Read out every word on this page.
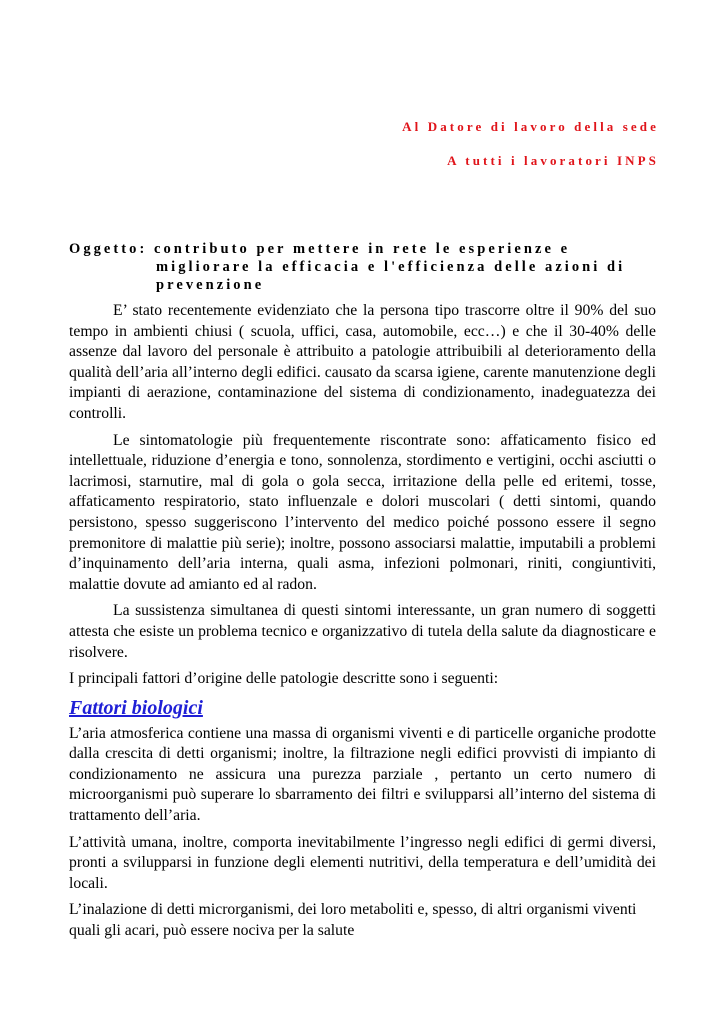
Al Datore di lavoro della sede
A tutti i lavoratori INPS
Oggetto: contributo per mettere in rete le esperienze e
migliorare la efficacia e l'efficienza delle azioni di
prevenzione

E’ stato recentemente evidenziato che la persona tipo trascorre oltre il 90% del suo tempo in ambienti chiusi ( scuola, uffici, casa, automobile, ecc…) e che il 30-40% delle assenze dal lavoro del personale è attribuito a patologie attribuibili al deterioramento della qualità dell’aria all’interno degli edifici. causato da scarsa igiene, carente manutenzione degli impianti di aerazione, contaminazione del sistema di condizionamento, inadeguatezza dei controlli.

Le sintomatologie più frequentemente riscontrate sono: affaticamento fisico ed intellettuale, riduzione d’energia e tono, sonnolenza, stordimento e vertigini, occhi asciutti o lacrimosi, starnutire, mal di gola o gola secca, irritazione della pelle ed eritemi, tosse, affaticamento respiratorio, stato influenzale e dolori muscolari ( detti sintomi, quando persistono, spesso suggeriscono l’intervento del medico poiché possono essere il segno premonitore di malattie più serie); inoltre, possono associarsi malattie, imputabili a problemi d’inquinamento dell’aria interna, quali asma, infezioni polmonari, riniti, congiuntiviti, malattie dovute ad amianto ed al radon.

La sussistenza simultanea di questi sintomi interessante, un gran numero di soggetti attesta che esiste un problema tecnico e organizzativo di tutela della salute da diagnosticare e risolvere.

I principali fattori d’origine delle patologie descritte sono i seguenti:

Fattori biologici

L’aria atmosferica contiene una massa di organismi viventi e di particelle organiche prodotte dalla crescita di detti organismi; inoltre, la filtrazione negli edifici provvisti di impianto di condizionamento ne assicura una purezza parziale , pertanto un certo numero di microorganismi può superare lo sbarramento dei filtri e svilupparsi all’interno del sistema di trattamento dell’aria.

L’attività umana, inoltre, comporta inevitabilmente l’ingresso negli edifici di germi diversi, pronti a svilupparsi in funzione degli elementi nutritivi, della temperatura e dell’umidità dei locali.

L’inalazione di detti microrganismi, dei loro metaboliti e, spesso, di altri organismi viventi quali gli acari, può essere nociva per la salute
